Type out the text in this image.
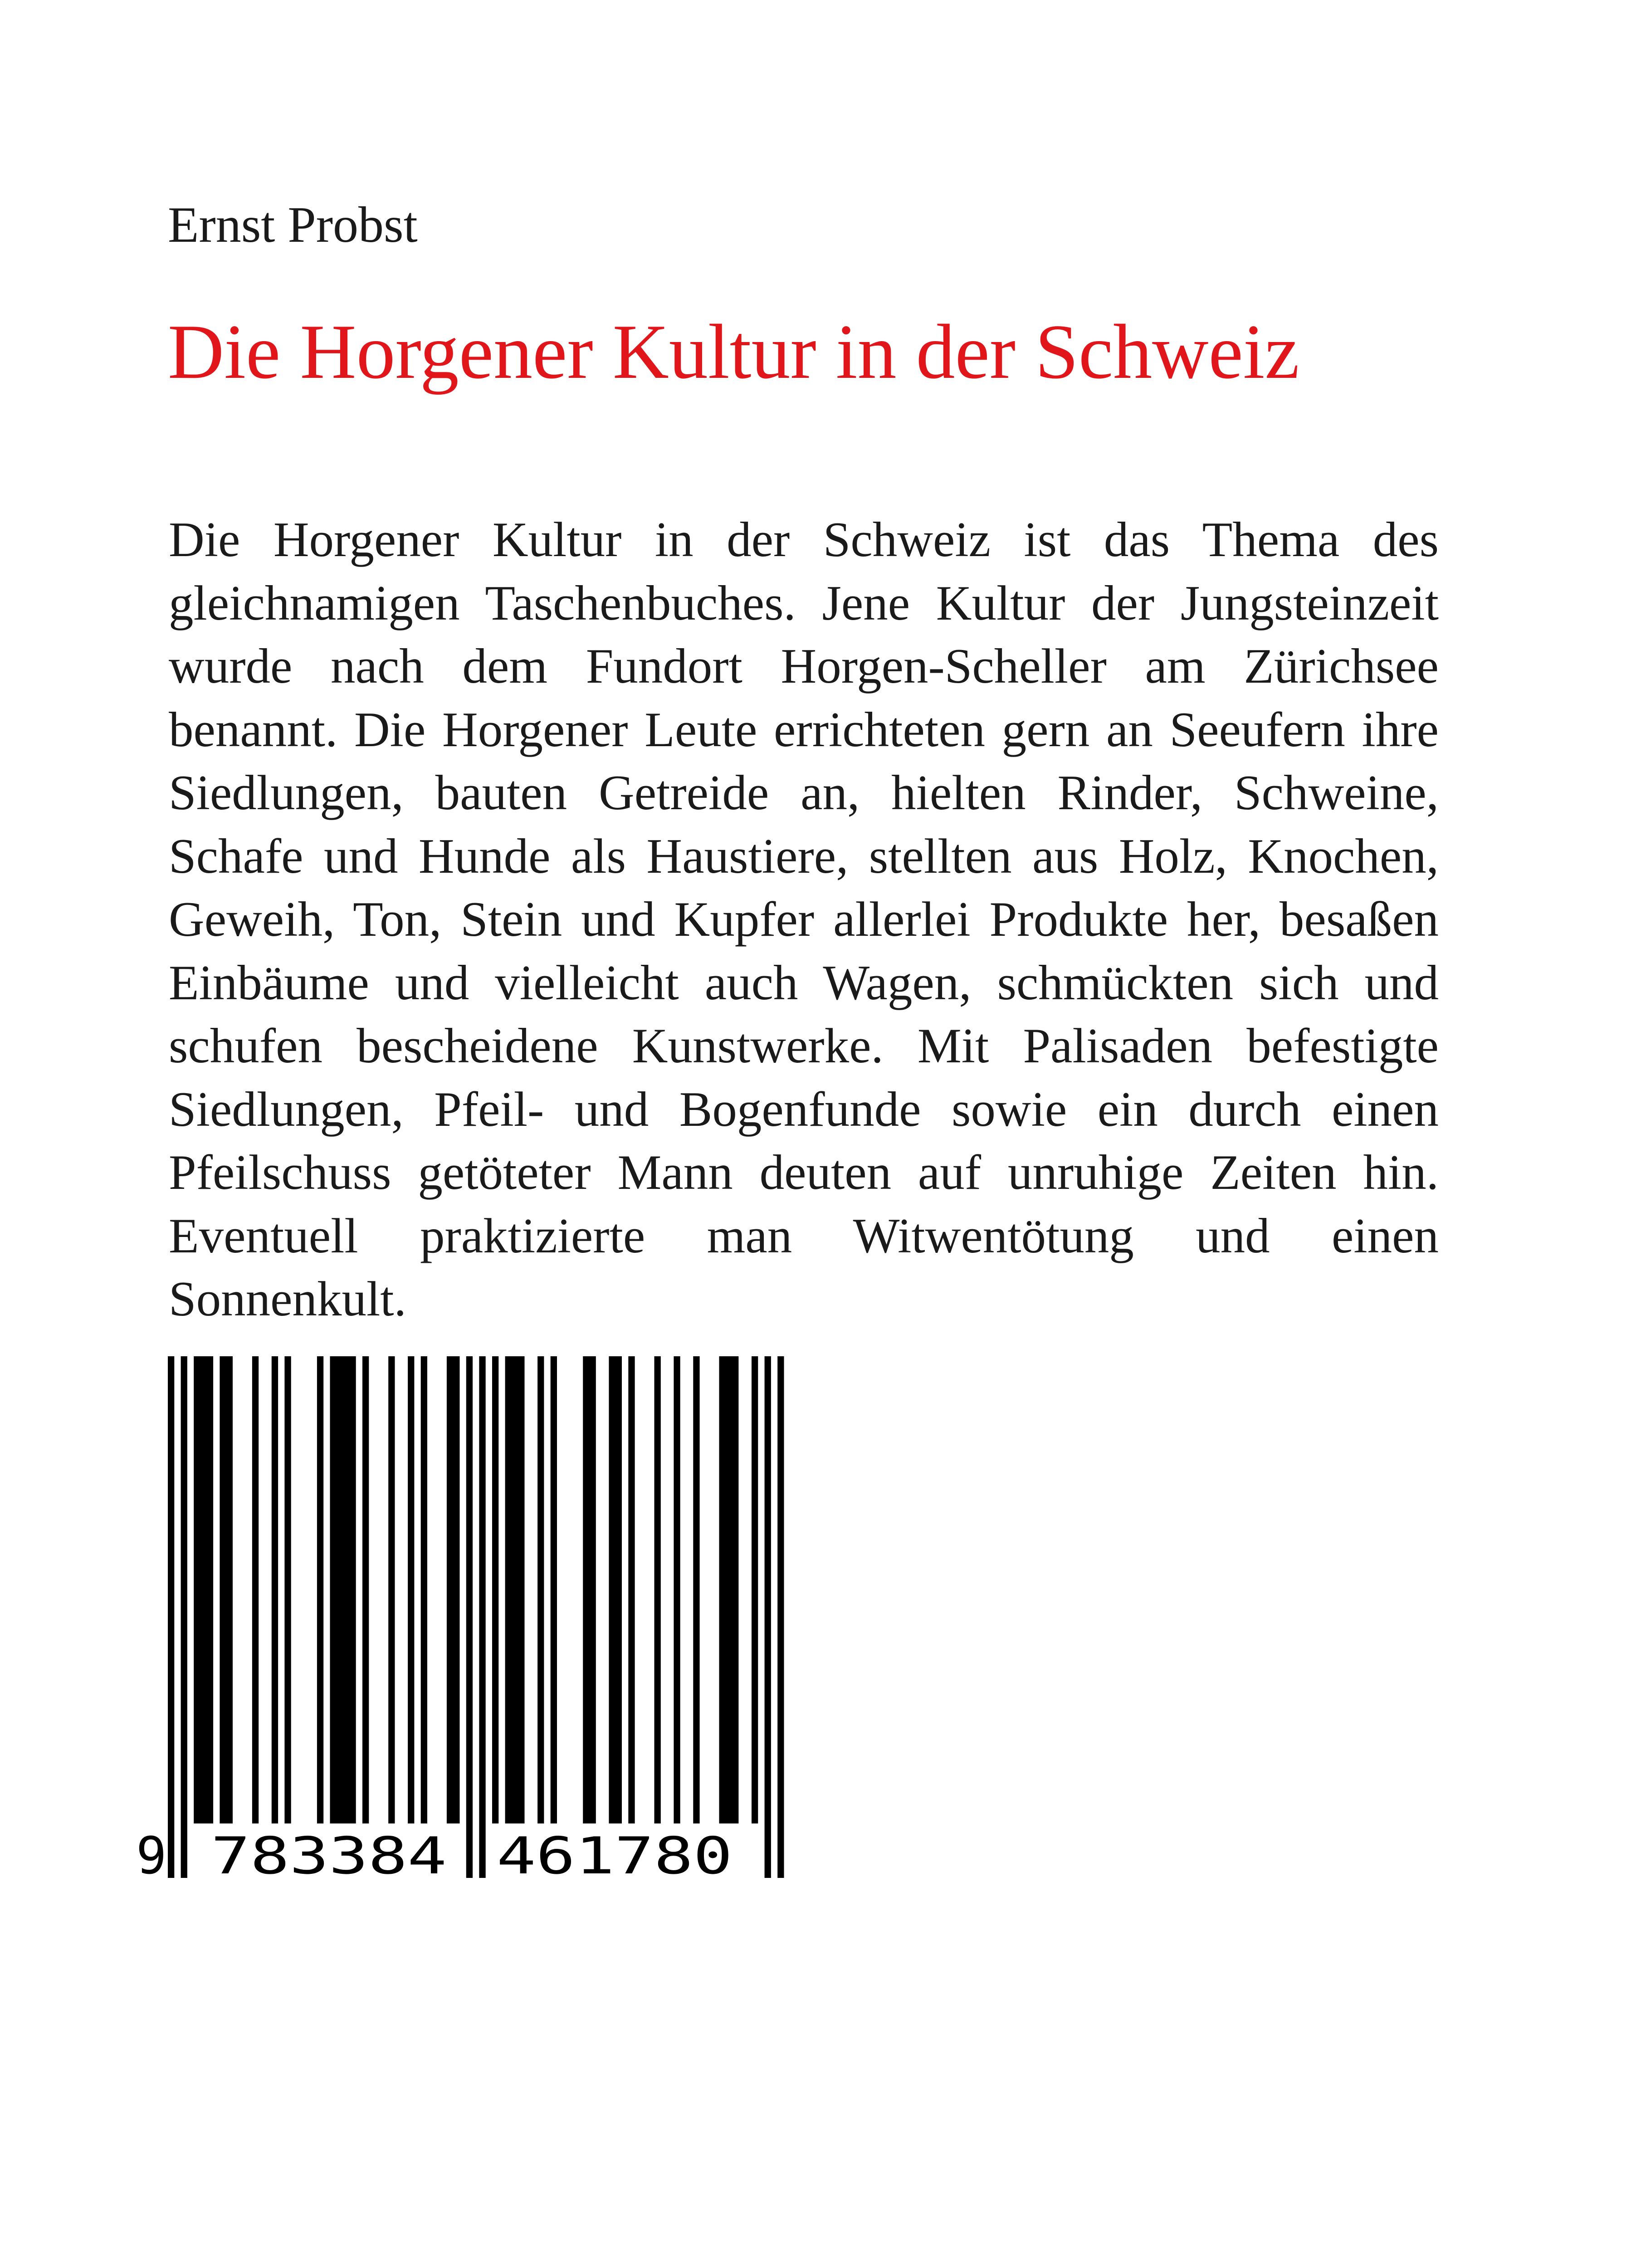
Ernst Probst
Die Horgener Kultur in der Schweiz

Die Horgener Kultur in der Schweiz ist das Thema des gleichnamigen Taschenbuches. Jene Kultur der Jungsteinzeit wurde nach dem Fundort Horgen-Scheller am Zürichsee benannt. Die Horgener Leute errichteten gern an Seeufern ihre Siedlungen, bauten Getreide an, hielten Rinder, Schweine, Schafe und Hunde als Haustiere, stellten aus Holz, Knochen, Geweih, Ton, Stein und Kupfer allerlei Produkte her, besaßen Einbäume und vielleicht auch Wagen, schmückten sich und schufen bescheidene Kunstwerke. Mit Palisaden befestigte Siedlungen, Pfeil- und Bogenfunde sowie ein durch einen Pfeilschuss getöteter Mann deuten auf unruhige Zeiten hin. Eventuell praktizierte man Witwentötung und einen Sonnenkult.

9 783384 461780
